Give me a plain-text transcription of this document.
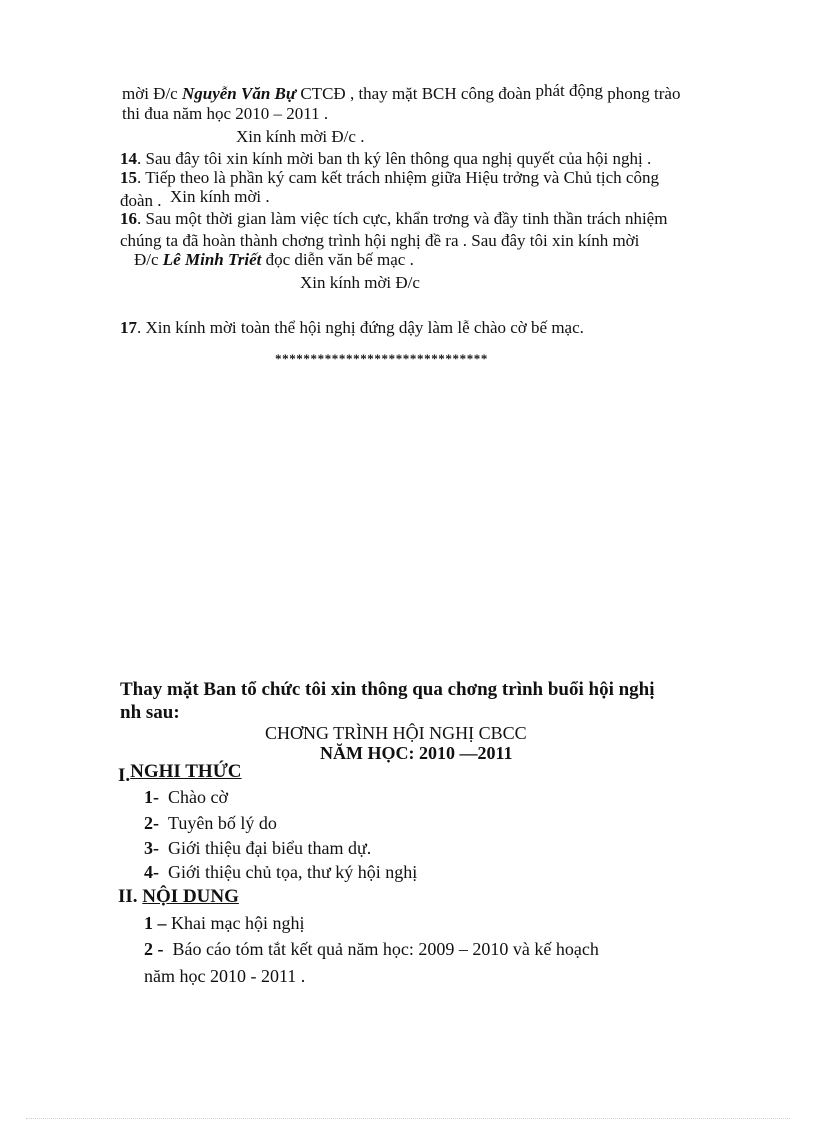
mời Đ/c Nguyễn Văn Bự CTCĐ , thay mặt BCH công đoàn phát động phong trào
thi đua năm học 2010 – 2011 .
Xin kính mời Đ/c .
14. Sau đây tôi xin kính mời ban th ký lên thông qua nghị quyết của hội nghị .
15. Tiếp theo là phần ký cam kết trách nhiệm giữa Hiệu trởng và Chủ tịch công
đoàn . Xin kính mời .
16. Sau một thời gian làm việc tích cực, khẩn trơng và đầy tinh thần trách nhiệm
chúng ta đã hoàn thành chơng trình hội nghị đề ra . Sau đây tôi xin kính mời
Đ/c Lê Minh Triết đọc diễn văn bế mạc .
Xin kính mời Đ/c
17. Xin kính mời toàn thể hội nghị đứng dậy làm lễ chào cờ bế mạc.
******************************
Thay mặt Ban tổ chức tôi xin thông qua chơng trình buổi hội nghị
nh sau:
CHƠNG TRÌNH HỘI NGHỊ CBCC
NĂM HỌC: 2010 —2011
I.NGHI THỨC
1- Chào cờ
2- Tuyên bố lý do
3- Giới thiệu đại biểu tham dự.
4- Giới thiệu chủ tọa, thư ký hội nghị
II. NỘI DUNG
1 – Khai mạc hội nghị
2 - Báo cáo tóm tắt kết quả năm học: 2009 – 2010 và kế hoạch
năm học 2010 - 2011 .
